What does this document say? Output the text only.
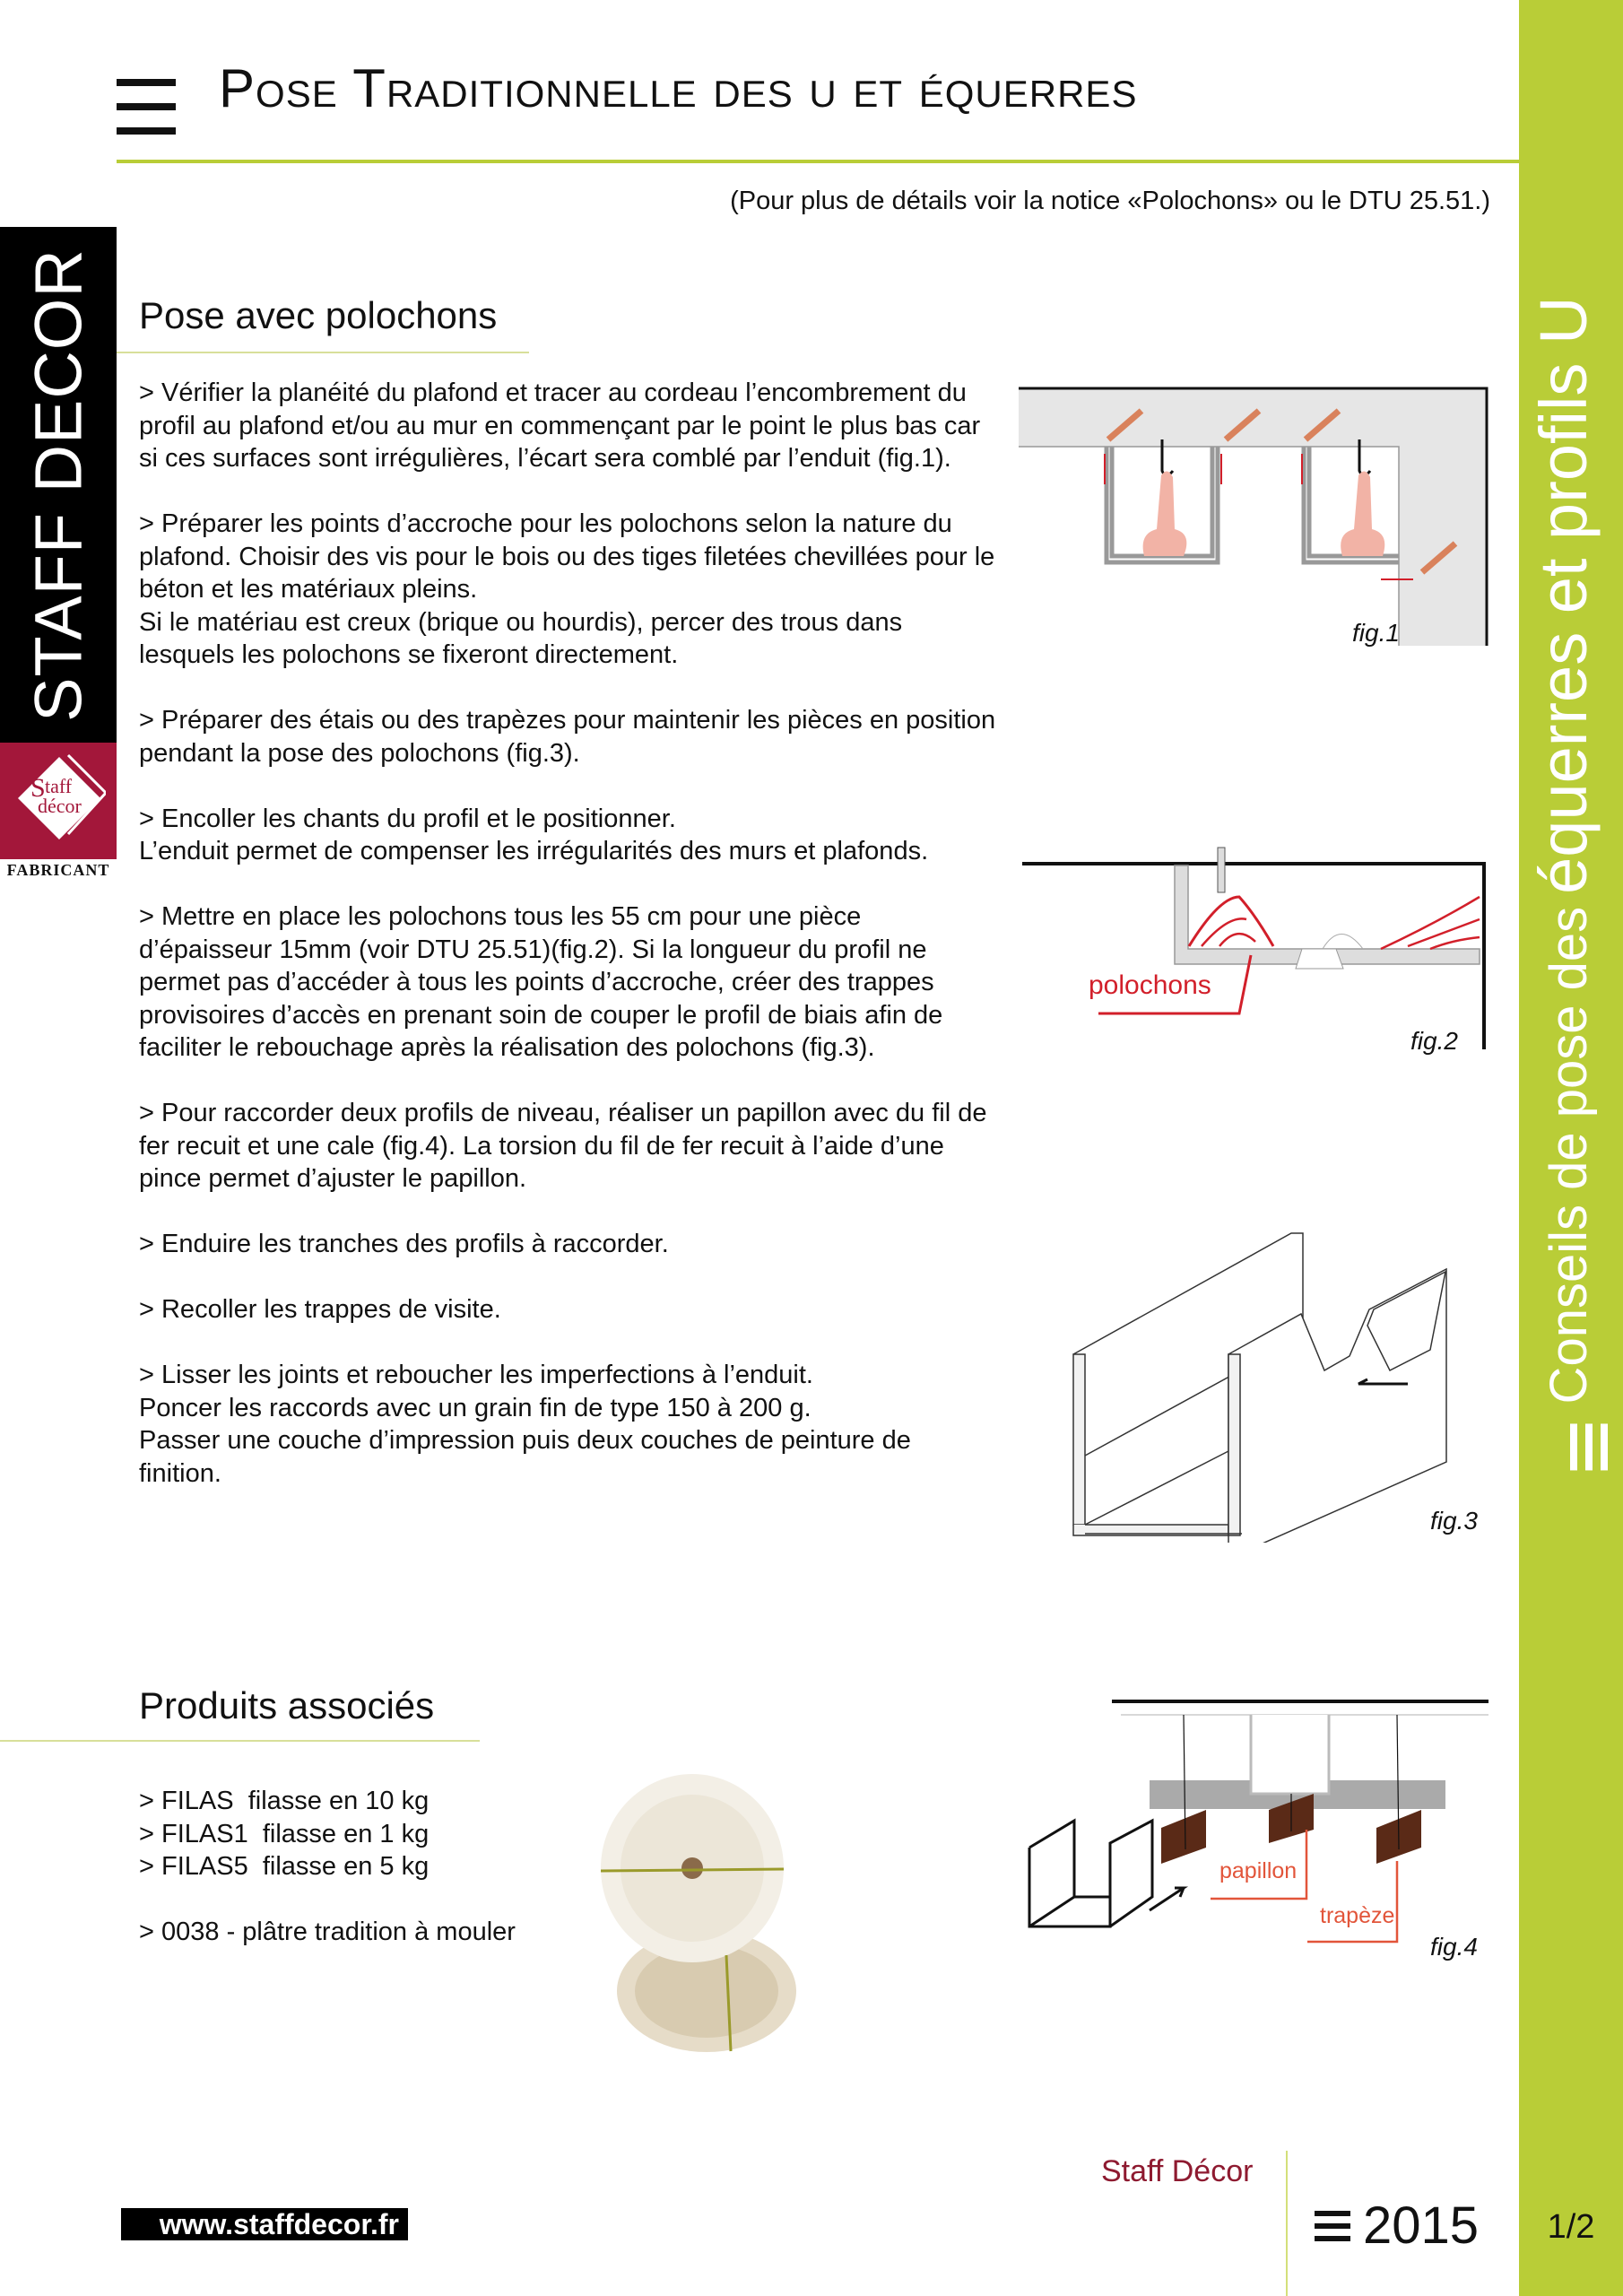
Conseils de pose des
équerres et profils U
1/2
Pose Traditionnelle des u et équerres
(Pour plus de détails voir la notice «Polochons» ou le DTU 25.51.)
STAFF DECOR
S taff
décor
FABRICANT
Pose avec polochons

> Vérifier la planéité du plafond et tracer au cordeau l’encombrement du profil au plafond et/ou au mur en commençant par le point le plus bas car si ces surfaces sont irrégulières, l’écart sera comblé par l’enduit (fig.1).

> Préparer les points d’accroche pour les polochons selon la nature du plafond. Choisir des vis pour le bois ou des tiges filetées chevillées pour le béton et les matériaux pleins.
Si le matériau est creux (brique ou hourdis), percer des trous dans lesquels les polochons se fixeront directement.

> Préparer des étais ou des trapèzes pour maintenir les pièces en position pendant la pose des polochons (fig.3).

> Encoller les chants du profil et le positionner.
L’enduit permet de compenser les irrégularités des murs et plafonds.

> Mettre en place les polochons tous les 55 cm pour une pièce d’épaisseur 15mm (voir DTU 25.51)(fig.2). Si la longueur du profil ne permet pas d’accéder à tous les points d’accroche, créer des trappes provisoires d’accès en prenant soin de couper le profil de biais afin de faciliter le rebouchage après la réalisation des polochons (fig.3).

> Pour raccorder deux profils de niveau, réaliser un papillon avec du fil de fer recuit et une cale (fig.4). La torsion du fil de fer recuit à l’aide d’une pince permet d’ajuster le papillon.

> Enduire les tranches des profils à raccorder.

> Recoller les trappes de visite.

> Lisser les joints et reboucher les imperfections à l’enduit.
Poncer les raccords avec un grain fin de type 150 à 200 g.
Passer une couche d’impression puis deux couches de peinture de finition.

fig.1
polochons
fig.2
fig.3
papillon
trapèze
fig.4
Produits associés

> FILAS  filasse en 10 kg

> FILAS1  filasse en 1 kg

> FILAS5  filasse en 5 kg

> 0038 - plâtre tradition à mouler

www.staffdecor.fr
Staff Décor
2015
